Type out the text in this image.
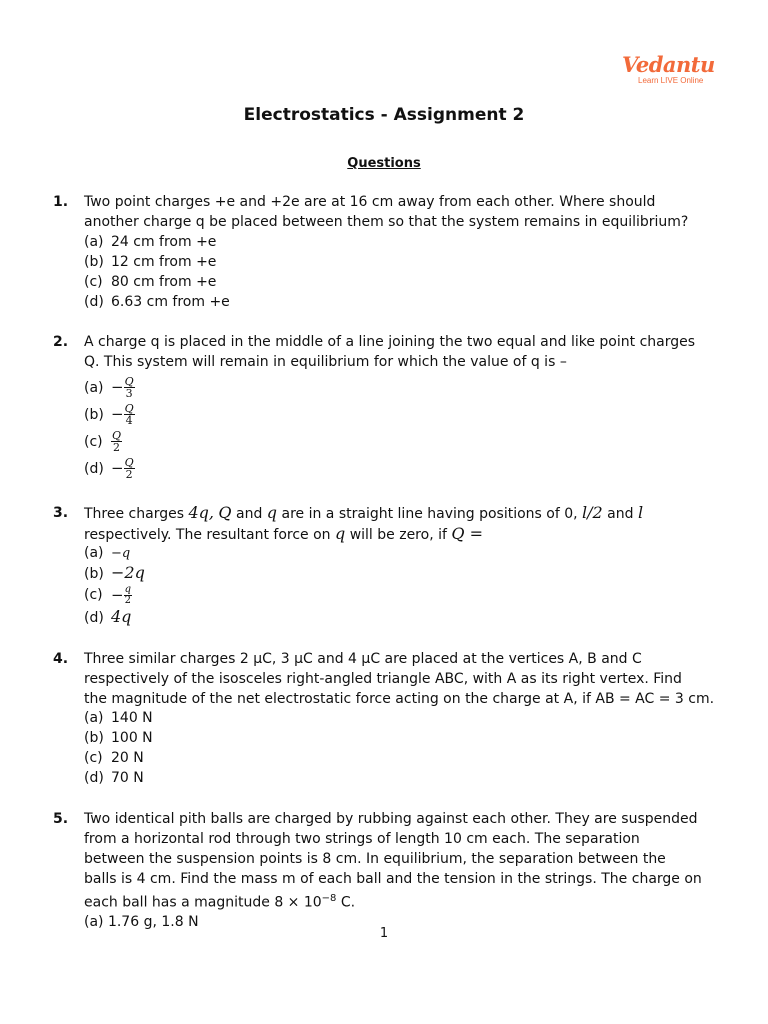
Vedantu
Learn LIVE Online
Electrostatics - Assignment 2
Questions
1. Two point charges +e and +2e are at 16 cm away from each other. Where should
another charge q be placed between them so that the system remains in equilibrium?
(a) 24 cm from +e
(b) 12 cm from +e
(c) 80 cm from +e
(d) 6.63 cm from +e
2. A charge q is placed in the middle of a line joining the two equal and like point charges
Q. This system will remain in equilibrium for which the value of q is –
$(a) - \frac{Q}{3}$
$(b) - \frac{Q}{4}$
$(c) \frac{Q}{2}$
$(d) - \frac{Q}{2}$
3. Three charges 4q, Q and q are in a straight line having positions of 0, l/2 and l
respectively. The resultant force on q will be zero, if Q =
(a) −q
(b) −2q
$(c) - \frac{q}{2}$
(d) 4q
4. Three similar charges 2 μC, 3 μC and 4 μC are placed at the vertices A, B and C
respectively of the isosceles right-angled triangle ABC, with A as its right vertex. Find
the magnitude of the net electrostatic force acting on the charge at A, if AB = AC = 3 cm.
(a) 140 N
(b) 100 N
(c) 20 N
(d) 70 N
5. Two identical pith balls are charged by rubbing against each other. They are suspended
from a horizontal rod through two strings of length 10 cm each. The separation
between the suspension points is 8 cm. In equilibrium, the separation between the
balls is 4 cm. Find the mass m of each ball and the tension in the strings. The charge on
each ball has a magnitude $8 \times 10^{-8}$ C.
(a) 1.76 g, 1.8 N
1
